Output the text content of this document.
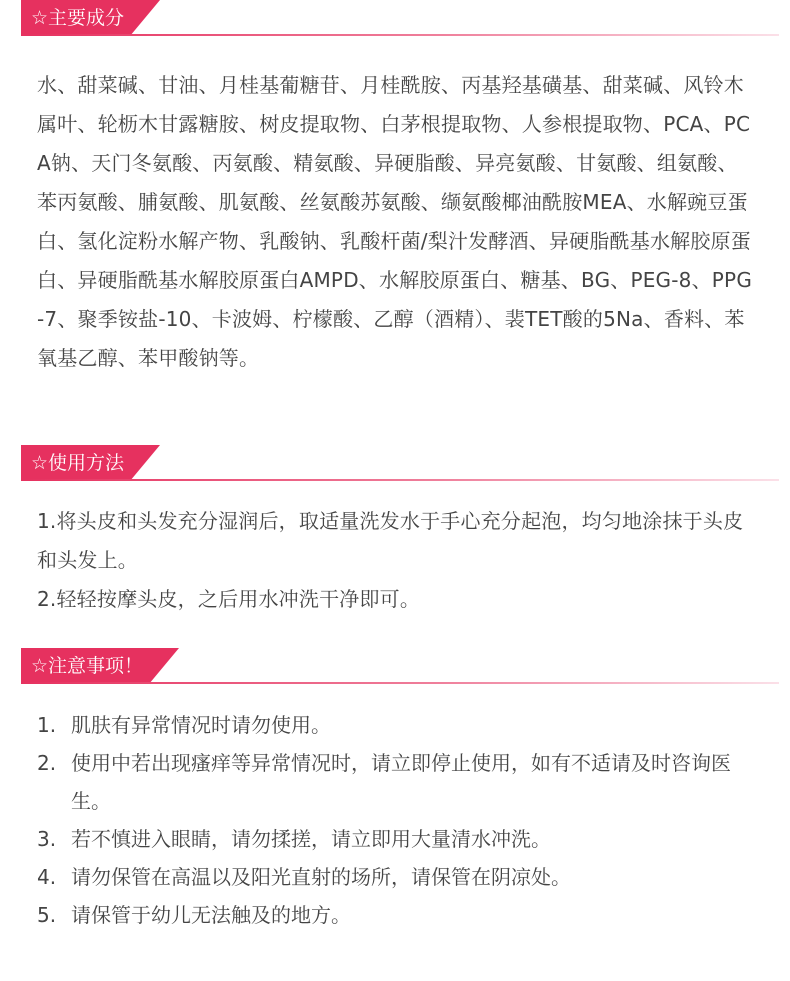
☆主要成分
水、甜菜碱、甘油、月桂基葡糖苷、月桂酰胺、丙基羟基磺基、甜菜碱、风铃木属叶、轮枥木甘露糖胺、树皮提取物、白茅根提取物、人参根提取物、PCA、PCA钠、天门冬氨酸、丙氨酸、精氨酸、异硬脂酸、异亮氨酸、甘氨酸、组氨酸、苯丙氨酸、脯氨酸、肌氨酸、丝氨酸苏氨酸、缬氨酸椰油酰胺MEA、水解豌豆蛋白、氢化淀粉水解产物、乳酸钠、乳酸杆菌/梨汁发酵酒、异硬脂酰基水解胶原蛋白、异硬脂酰基水解胶原蛋白AMPD、水解胶原蛋白、糖基、BG、PEG-8、PPG-7、聚季铵盐-10、卡波姆、柠檬酸、乙醇（酒精）、裴TET酸的5Na、香料、苯氧基乙醇、苯甲酸钠等。
☆使用方法

1.将头皮和头发充分湿润后，取适量洗发水于手心充分起泡，均匀地涂抹于头皮和头发上。

2.轻轻按摩头皮，之后用水冲洗干净即可。

☆注意事项！
1. 肌肤有异常情况时请勿使用。
2. 使用中若出现瘙痒等异常情况时，请立即停止使用，如有不适请及时咨询医生。
3. 若不慎进入眼睛，请勿揉搓，请立即用大量清水冲洗。
4. 请勿保管在高温以及阳光直射的场所，请保管在阴凉处。
5. 请保管于幼儿无法触及的地方。
